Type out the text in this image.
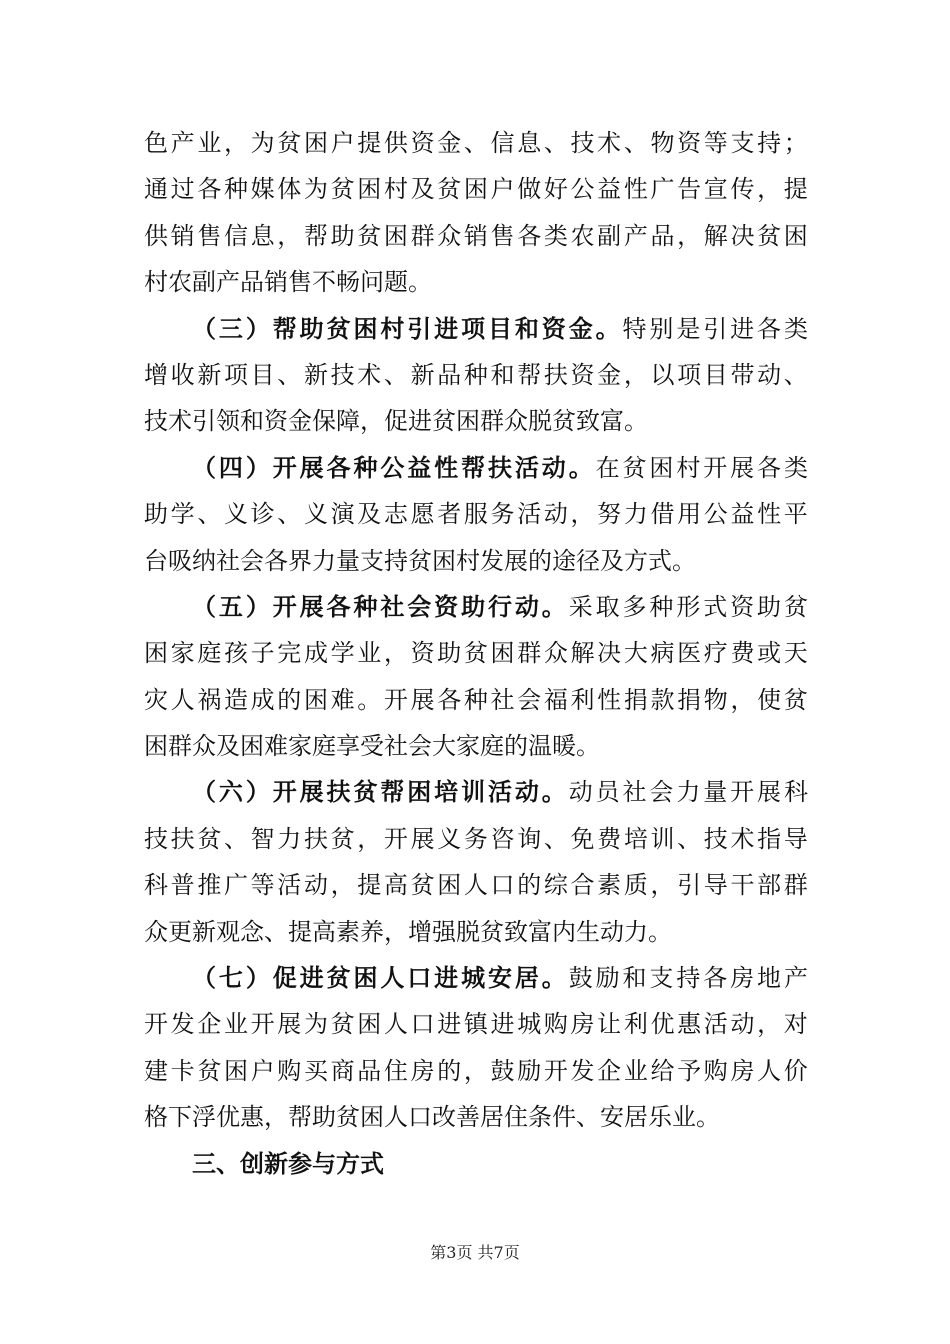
色 产 业 ， 为 贫 困 户 提 供 资 金 、 信 息 、 技 术 、 物 资 等 支 持 ；
通 过 各 种 媒 体 为 贫 困 村 及 贫 困 户 做 好 公 益 性 广 告 宣 传 ， 提
供 销 售 信 息 ， 帮 助 贫 困 群 众 销 售 各 类 农 副 产 品 ， 解 决 贫 困
村 农 副 产 品 销 售 不 畅 问 题 。
（ 三 ） 帮 助 贫 困 村 引 进 项 目 和 资 金 。 特 别 是 引 进 各 类
增 收 新 项 目 、 新 技 术 、 新 品 种 和 帮 扶 资 金 ， 以 项 目 带 动 、
技 术 引 领 和 资 金 保 障 ， 促 进 贫 困 群 众 脱 贫 致 富 。
（ 四 ） 开 展 各 种 公 益 性 帮 扶 活 动 。 在 贫 困 村 开 展 各 类
助 学 、 义 诊 、 义 演 及 志 愿 者 服 务 活 动 ， 努 力 借 用 公 益 性 平
台 吸 纳 社 会 各 界 力 量 支 持 贫 困 村 发 展 的 途 径 及 方 式 。
（ 五 ） 开 展 各 种 社 会 资 助 行 动 。 采 取 多 种 形 式 资 助 贫
困 家 庭 孩 子 完 成 学 业 ， 资 助 贫 困 群 众 解 决 大 病 医 疗 费 或 天
灾 人 祸 造 成 的 困 难 。 开 展 各 种 社 会 福 利 性 捐 款 捐 物 ， 使 贫
困 群 众 及 困 难 家 庭 享 受 社 会 大 家 庭 的 温 暖 。
（ 六 ） 开 展 扶 贫 帮 困 培 训 活 动 。 动 员 社 会 力 量 开 展 科
技 扶 贫 、 智 力 扶 贫 ， 开 展 义 务 咨 询 、 免 费 培 训 、 技 术 指 导
科 普 推 广 等 活 动 ， 提 高 贫 困 人 口 的 综 合 素 质 ， 引 导 干 部 群
众 更 新 观 念 、 提 高 素 养 ， 增 强 脱 贫 致 富 内 生 动 力 。
（ 七 ） 促 进 贫 困 人 口 进 城 安 居 。 鼓 励 和 支 持 各 房 地 产
开 发 企 业 开 展 为 贫 困 人 口 进 镇 进 城 购 房 让 利 优 惠 活 动 ， 对
建 卡 贫 困 户 购 买 商 品 住 房 的 ， 鼓 励 开 发 企 业 给 予 购 房 人 价
格 下 浮 优 惠 ， 帮 助 贫 困 人 口 改 善 居 住 条 件 、 安 居 乐 业 。
三 、 创 新 参 与 方 式
第3页 共7页
